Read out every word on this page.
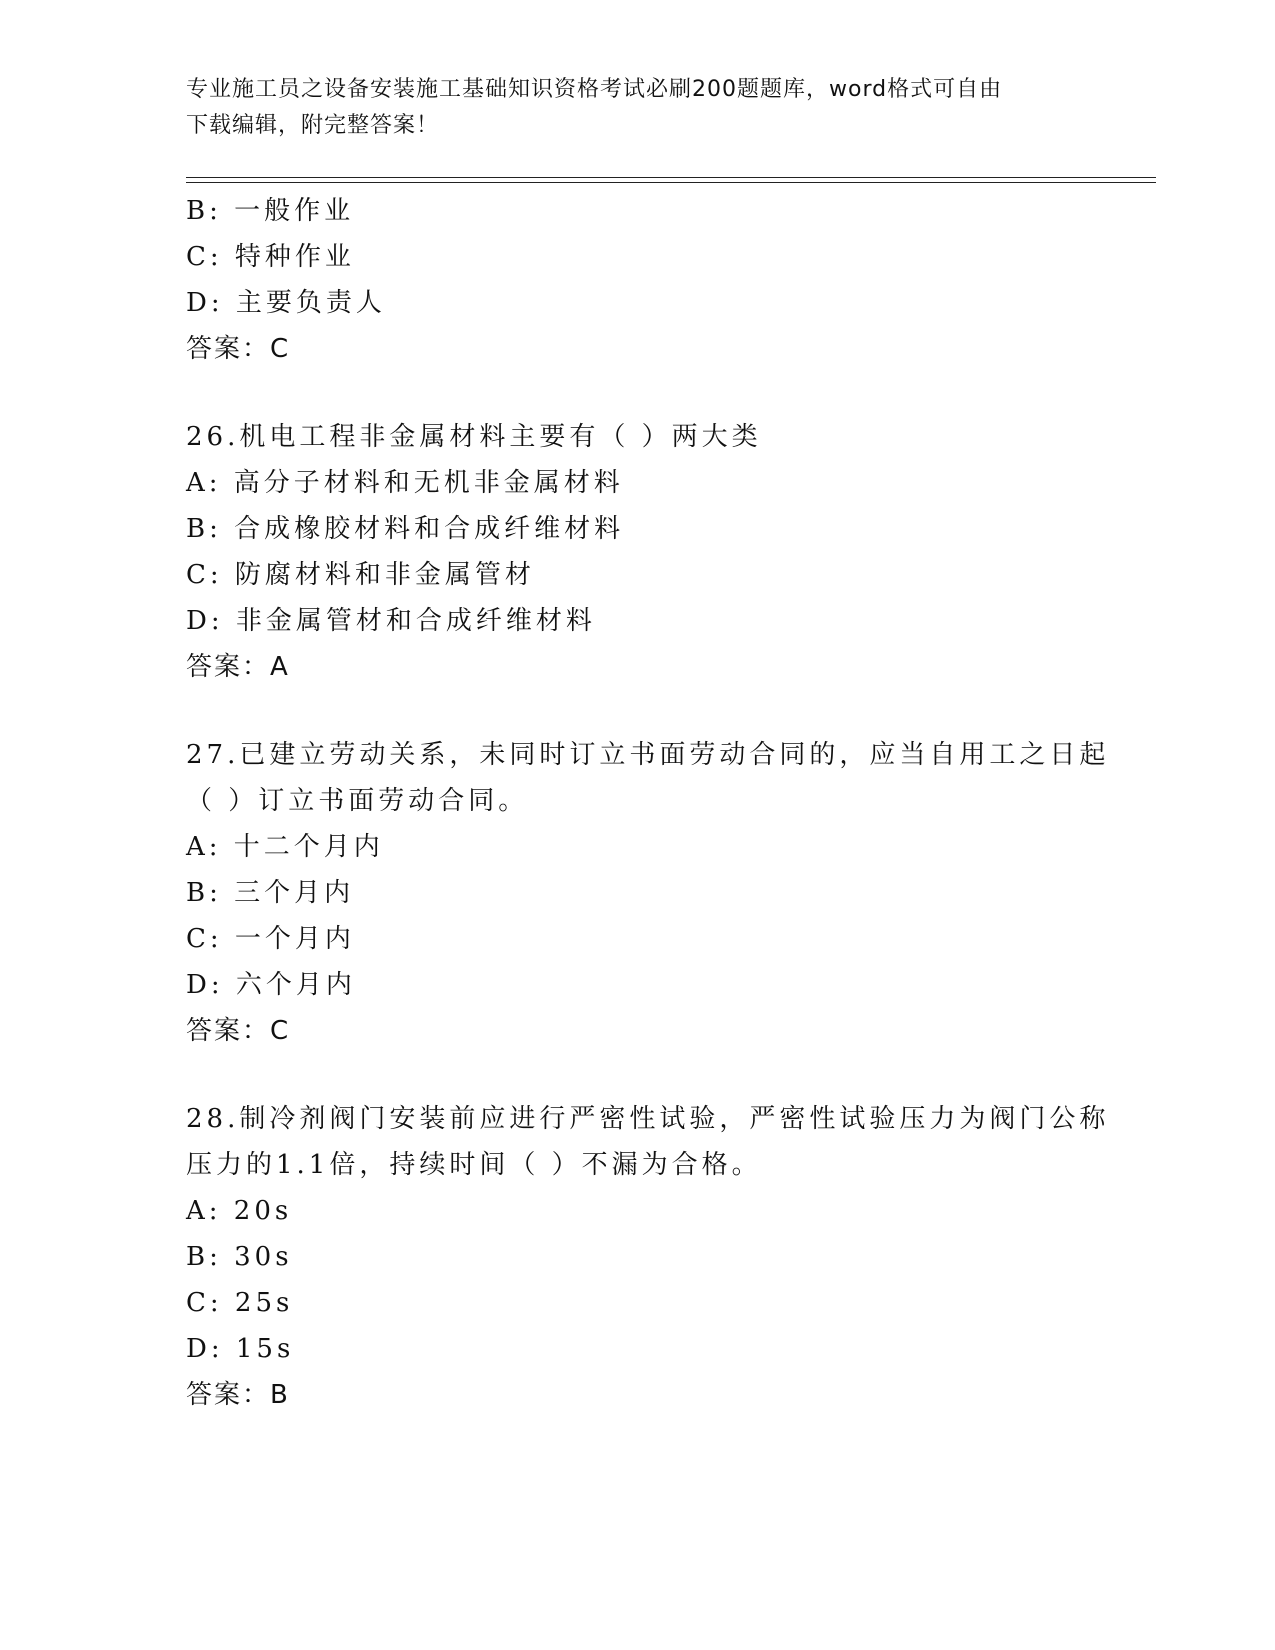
专业施工员之设备安装施工基础知识资格考试必刷200题题库，word格式可自由
下载编辑，附完整答案！
B: 一般作业
C: 特种作业
D: 主要负责人
答案：C
26.机电工程非金属材料主要有（ ）两大类
A: 高分子材料和无机非金属材料
B: 合成橡胶材料和合成纤维材料
C: 防腐材料和非金属管材
D: 非金属管材和合成纤维材料
答案：A
27.已建立劳动关系，未同时订立书面劳动合同的，应当自用工之日起
（ ）订立书面劳动合同。
A: 十二个月内
B: 三个月内
C: 一个月内
D: 六个月内
答案：C
28.制冷剂阀门安装前应进行严密性试验，严密性试验压力为阀门公称
压力的1.1倍，持续时间（ ）不漏为合格。
A: 20s
B: 30s
C: 25s
D: 15s
答案：B
